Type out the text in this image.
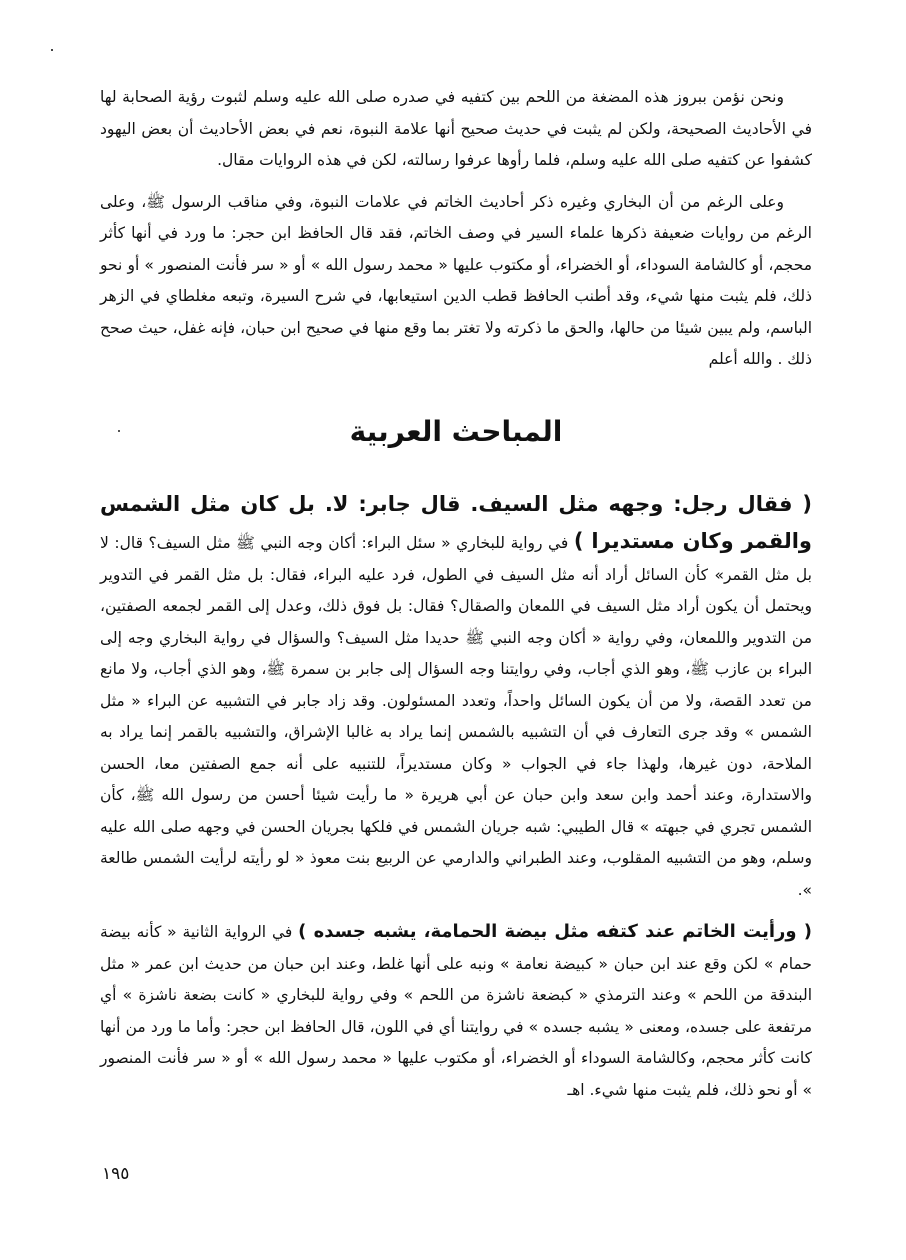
ونحن نؤمن ببروز هذه المضغة من اللحم بين كتفيه في صدره صلى الله عليه وسلم لثبوت رؤية الصحابة لها في الأحاديث الصحيحة، ولكن لم يثبت في حديث صحيح أنها علامة النبوة، نعم في بعض الأحاديث أن بعض اليهود كشفوا عن كتفيه صلى الله عليه وسلم، فلما رأوها عرفوا رسالته، لكن في هذه الروايات مقال.

وعلى الرغم من أن البخاري وغيره ذكر أحاديث الخاتم في علامات النبوة، وفي مناقب الرسول ﷺ، وعلى الرغم من روايات ضعيفة ذكرها علماء السير في وصف الخاتم، فقد قال الحافظ ابن حجر: ما ورد في أنها كأثر محجم، أو كالشامة السوداء، أو الخضراء، أو مكتوب عليها « محمد رسول الله » أو « سر فأنت المنصور » أو نحو ذلك، فلم يثبت منها شيء، وقد أطنب الحافظ قطب الدين استيعابها، في شرح السيرة، وتبعه مغلطاي في الزهر الباسم، ولم يبين شيئا من حالها، والحق ما ذكرته ولا تغتر بما وقع منها في صحيح ابن حبان، فإنه غفل، حيث صحح ذلك . والله أعلم

المباحث العربية

( فقال رجل: وجهه مثل السيف. قال جابر: لا. بل كان مثل الشمس والقمر وكان مستديرا ) في رواية للبخاري « سئل البراء: أكان وجه النبي ﷺ مثل السيف؟ قال: لا بل مثل القمر» كأن السائل أراد أنه مثل السيف في الطول، فرد عليه البراء، فقال: بل مثل القمر في التدوير ويحتمل أن يكون أراد مثل السيف في اللمعان والصقال؟ فقال: بل فوق ذلك، وعدل إلى القمر لجمعه الصفتين، من التدوير واللمعان، وفي رواية « أكان وجه النبي ﷺ حديدا مثل السيف؟ والسؤال في رواية البخاري وجه إلى البراء بن عازب ﷺ، وهو الذي أجاب، وفي روايتنا وجه السؤال إلى جابر بن سمرة ﷺ، وهو الذي أجاب، ولا مانع من تعدد القصة، ولا من أن يكون السائل واحداً، وتعدد المسئولون. وقد زاد جابر في التشبيه عن البراء « مثل الشمس » وقد جرى التعارف في أن التشبيه بالشمس إنما يراد به غالبا الإشراق، والتشبيه بالقمر إنما يراد به الملاحة، دون غيرها، ولهذا جاء في الجواب « وكان مستديراً، للتنبيه على أنه جمع الصفتين معا، الحسن والاستدارة، وعند أحمد وابن سعد وابن حبان عن أبي هريرة « ما رأيت شيئا أحسن من رسول الله ﷺ، كأن الشمس تجري في جبهته » قال الطيبي: شبه جريان الشمس في فلكها بجريان الحسن في وجهه صلى الله عليه وسلم، وهو من التشبيه المقلوب، وعند الطبراني والدارمي عن الربيع بنت معوذ « لو رأيته لرأيت الشمس طالعة ».

( ورأيت الخاتم عند كتفه مثل بيضة الحمامة، يشبه جسده ) في الرواية الثانية « كأنه بيضة حمام » لكن وقع عند ابن حبان « كبيضة نعامة » ونبه على أنها غلط، وعند ابن حبان من حديث ابن عمر « مثل البندقة من اللحم » وعند الترمذي « كبضعة ناشزة من اللحم » وفي رواية للبخاري « كانت بضعة ناشزة » أي مرتفعة على جسده، ومعنى « يشبه جسده » في روايتنا أي في اللون، قال الحافظ ابن حجر: وأما ما ورد من أنها كانت كأثر محجم، وكالشامة السوداء أو الخضراء، أو مكتوب عليها « محمد رسول الله » أو « سر فأنت المنصور » أو نحو ذلك، فلم يثبت منها شيء. اهـ

١٩٥
